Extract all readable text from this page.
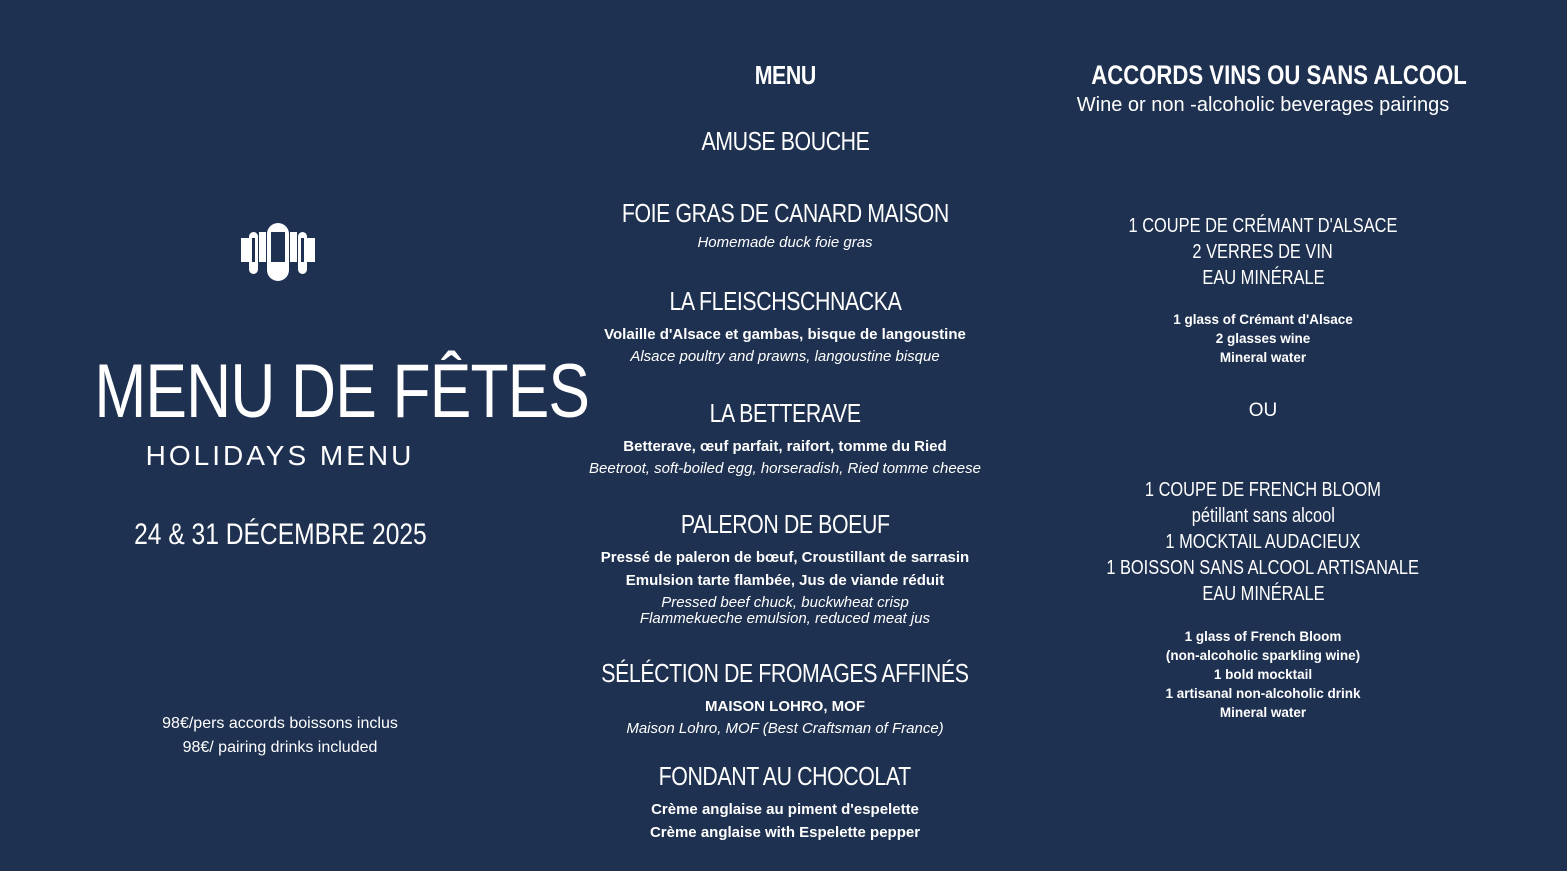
MENU DE FÊTES
HOLIDAYS MENU
24 & 31 DÉCEMBRE 2025
98€/pers accords boissons inclus
98€/ pairing drinks included
MENU
AMUSE BOUCHE
FOIE GRAS DE CANARD MAISON
Homemade duck foie gras
LA FLEISCHSCHNACKA
Volaille d'Alsace et gambas, bisque de langoustine
Alsace poultry and prawns, langoustine bisque
LA BETTERAVE
Betterave, œuf parfait, raifort, tomme du Ried
Beetroot, soft-boiled egg, horseradish, Ried tomme cheese
PALERON DE BOEUF
Pressé de paleron de bœuf, Croustillant de sarrasin
Emulsion tarte flambée, Jus de viande réduit
Pressed beef chuck, buckwheat crisp
Flammekueche emulsion, reduced meat jus
SÉLÉCTION DE FROMAGES AFFINÉS
MAISON LOHRO, MOF
Maison Lohro, MOF (Best Craftsman of France)
FONDANT AU CHOCOLAT
Crème anglaise au piment d'espelette
Crème anglaise with Espelette pepper
ACCORDS VINS OU SANS ALCOOL
Wine or non -alcoholic beverages pairings
1 COUPE DE CRÉMANT D'ALSACE
2 VERRES DE VIN
EAU MINÉRALE
1 glass of Crémant d'Alsace
2 glasses wine
Mineral water
OU
1 COUPE DE FRENCH BLOOM
pétillant sans alcool
1 MOCKTAIL AUDACIEUX
1 BOISSON SANS ALCOOL ARTISANALE
EAU MINÉRALE
1 glass of French Bloom
(non-alcoholic sparkling wine)
1 bold mocktail
1 artisanal non-alcoholic drink
Mineral water
